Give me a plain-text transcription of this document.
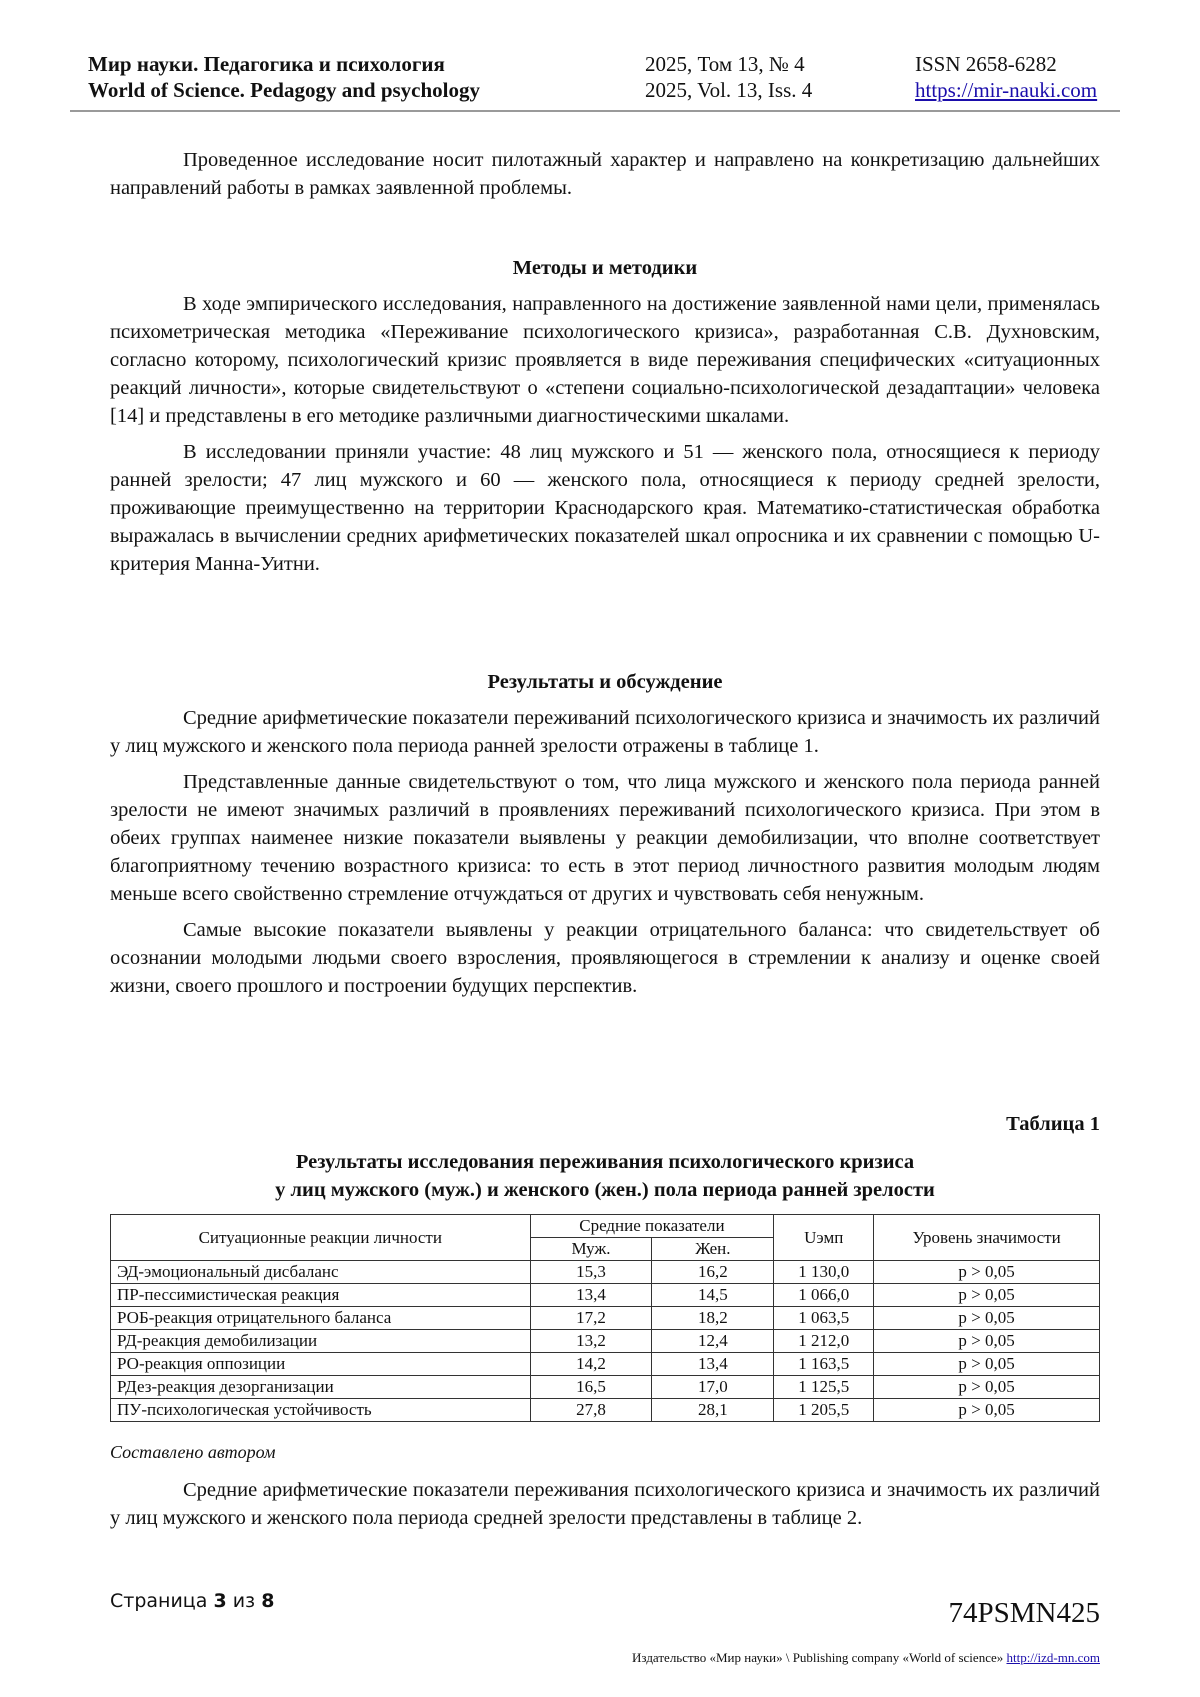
Мир науки. Педагогика и психология
World of Science. Pedagogy and psychology
2025, Том 13, № 4
2025, Vol. 13, Iss. 4
ISSN 2658-6282
https://mir-nauki.com

Проведенное исследование носит пилотажный характер и направлено на конкретизацию дальнейших направлений работы в рамках заявленной проблемы.

Методы и методики

В ходе эмпирического исследования, направленного на достижение заявленной нами цели, применялась психометрическая методика «Переживание психологического кризиса», разработанная С.В. Духновским, согласно которому, психологический кризис проявляется в виде переживания специфических «ситуационных реакций личности», которые свидетельствуют о «степени социально-психологической дезадаптации» человека [14] и представлены в его методике различными диагностическими шкалами.

В исследовании приняли участие: 48 лиц мужского и 51 — женского пола, относящиеся к периоду ранней зрелости; 47 лиц мужского и 60 — женского пола, относящиеся к периоду средней зрелости, проживающие преимущественно на территории Краснодарского края. Математико-статистическая обработка выражалась в вычислении средних арифметических показателей шкал опросника и их сравнении с помощью U-критерия Манна-Уитни.

Результаты и обсуждение

Средние арифметические показатели переживаний психологического кризиса и значимость их различий у лиц мужского и женского пола периода ранней зрелости отражены в таблице 1.

Представленные данные свидетельствуют о том, что лица мужского и женского пола периода ранней зрелости не имеют значимых различий в проявлениях переживаний психологического кризиса. При этом в обеих группах наименее низкие показатели выявлены у реакции демобилизации, что вполне соответствует благоприятному течению возрастного кризиса: то есть в этот период личностного развития молодым людям меньше всего свойственно стремление отчуждаться от других и чувствовать себя ненужным.

Самые высокие показатели выявлены у реакции отрицательного баланса: что свидетельствует об осознании молодыми людьми своего взросления, проявляющегося в стремлении к анализу и оценке своей жизни, своего прошлого и построении будущих перспектив.

Таблица 1
Результаты исследования переживания психологического кризиса
у лиц мужского (муж.) и женского (жен.) пола периода ранней зрелости
Ситуационные реакции личности	Средние показатели		Uэмп	Уровень значимости
	Муж.	Жен.		
ЭД-эмоциональный дисбаланс	15,3	16,2	1 130,0	p > 0,05
ПР-пессимистическая реакция	13,4	14,5	1 066,0	p > 0,05
РОБ-реакция отрицательного баланса	17,2	18,2	1 063,5	p > 0,05
РД-реакция демобилизации	13,2	12,4	1 212,0	p > 0,05
РО-реакция оппозиции	14,2	13,4	1 163,5	p > 0,05
РДез-реакция дезорганизации	16,5	17,0	1 125,5	p > 0,05
ПУ-психологическая устойчивость	27,8	28,1	1 205,5	p > 0,05
Составлено автором

Средние арифметические показатели переживания психологического кризиса и значимость их различий у лиц мужского и женского пола периода средней зрелости представлены в таблице 2.

Страница 3 из 8	74PSMN425
Издательство «Мир науки» \ Publishing company «World of science» http://izd-mn.com
